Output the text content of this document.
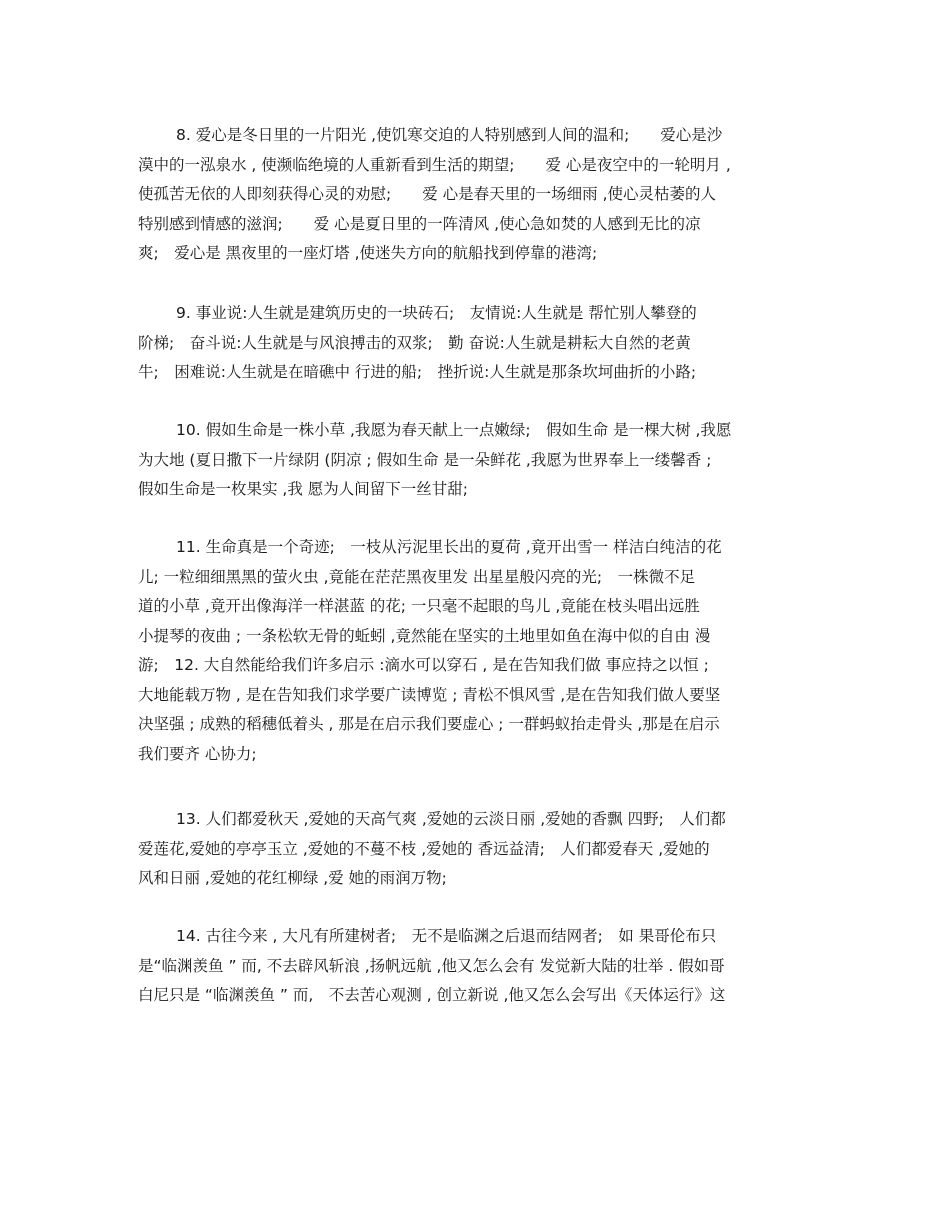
8. 爱心是冬日里的一片阳光 ,使饥寒交迫的人特别感到人间的温和;　　爱心是沙
漠中的一泓泉水 , 使濒临绝境的人重新看到生活的期望;　　爱 心是夜空中的一轮明月 ,
使孤苦无依的人即刻获得心灵的劝慰;　　爱 心是春天里的一场细雨 ,使心灵枯萎的人
特别感到情感的滋润;　　爱 心是夏日里的一阵清风 ,使心急如焚的人感到无比的凉
爽;　爱心是 黑夜里的一座灯塔 ,使迷失方向的航船找到停靠的港湾;
9. 事业说:人生就是建筑历史的一块砖石;　友情说:人生就是 帮忙别人攀登的
阶梯;　奋斗说:人生就是与风浪搏击的双浆;　勤 奋说:人生就是耕耘大自然的老黄
牛;　困难说:人生就是在暗礁中 行进的船;　挫折说:人生就是那条坎坷曲折的小路;
10. 假如生命是一株小草 ,我愿为春天献上一点嫩绿;　假如生命 是一棵大树 ,我愿
为大地 (夏日撒下一片绿阴 (阴凉 ; 假如生命 是一朵鲜花 ,我愿为世界奉上一缕馨香 ;
假如生命是一枚果实 ,我 愿为人间留下一丝甘甜;
11. 生命真是一个奇迹;　一枝从污泥里长出的夏荷 ,竟开出雪一 样洁白纯洁的花
儿; 一粒细细黑黑的萤火虫 ,竟能在茫茫黑夜里发 出星星般闪亮的光;　一株微不足
道的小草 ,竟开出像海洋一样湛蓝 的花; 一只毫不起眼的鸟儿 ,竟能在枝头唱出远胜
小提琴的夜曲 ; 一条松软无骨的蚯蚓 ,竟然能在坚实的土地里如鱼在海中似的自由 漫
游;　12. 大自然能给我们许多启示 :滴水可以穿石 , 是在告知我们做 事应持之以恒 ;
大地能载万物 , 是在告知我们求学要广读博览 ; 青松不惧风雪 ,是在告知我们做人要坚
决坚强 ; 成熟的稻穗低着头 , 那是在启示我们要虚心 ; 一群蚂蚁抬走骨头 ,那是在启示
我们要齐 心协力;
13. 人们都爱秋天 ,爱她的天高气爽 ,爱她的云淡日丽 ,爱她的香飘 四野;　人们都
爱莲花,爱她的亭亭玉立 ,爱她的不蔓不枝 ,爱她的 香远益清;　人们都爱春天 ,爱她的
风和日丽 ,爱她的花红柳绿 ,爱 她的雨润万物;
14. 古往今来 , 大凡有所建树者;　无不是临渊之后退而结网者;　如 果哥伦布只
是“临渊羡鱼 ” 而, 不去辟风斩浪 ,扬帆远航 ,他又怎么会有 发觉新大陆的壮举 . 假如哥
白尼只是 “临渊羡鱼 ” 而,　不去苦心观测 , 创立新说 ,他又怎么会写出《天体运行》这
